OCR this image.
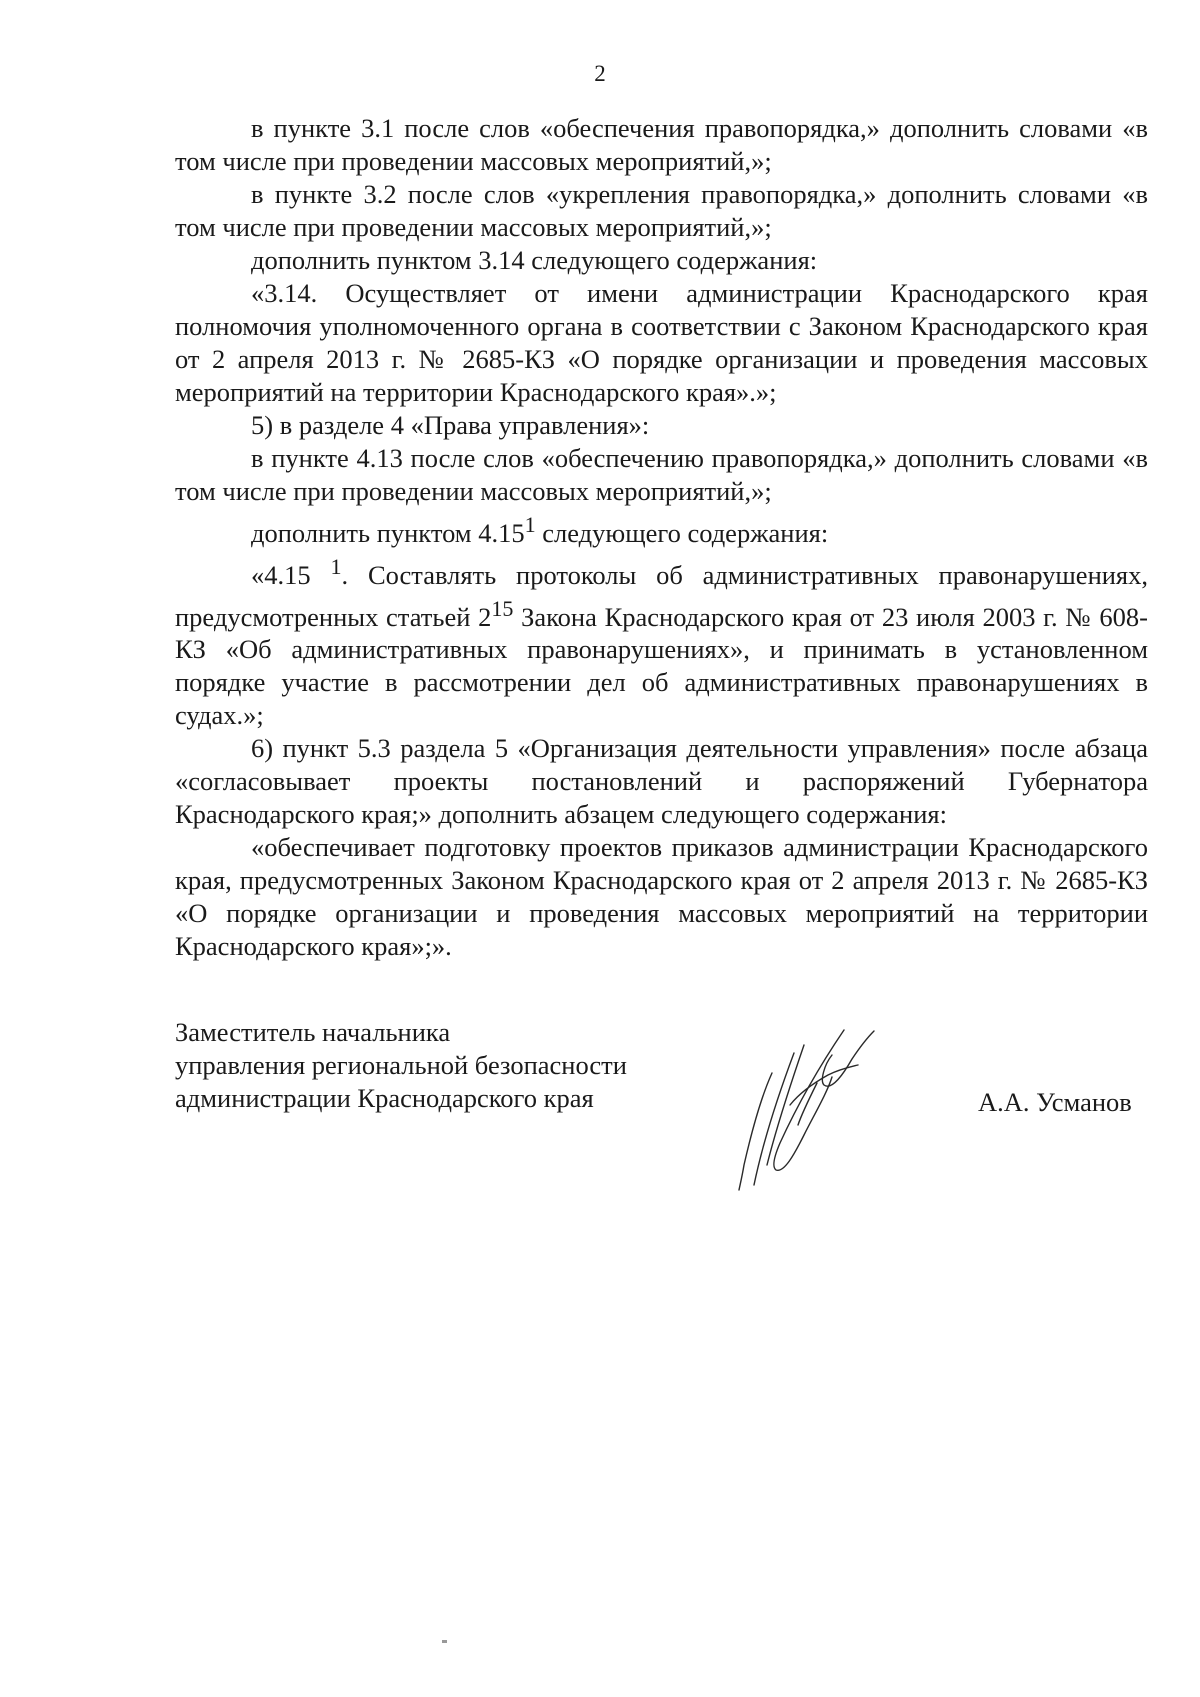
2

в пункте 3.1 после слов «обеспечения правопорядка,» дополнить словами «в том числе при проведении массовых мероприятий,»;

в пункте 3.2 после слов «укрепления правопорядка,» дополнить словами «в том числе при проведении массовых мероприятий,»;

дополнить пунктом 3.14 следующего содержания:

«3.14. Осуществляет от имени администрации Краснодарского края полномочия уполномоченного органа в соответствии с Законом Краснодарского края от 2 апреля 2013 г. № 2685-КЗ «О порядке организации и проведения массовых мероприятий на территории Краснодарского края».»;

5) в разделе 4 «Права управления»:

в пункте 4.13 после слов «обеспечению правопорядка,» дополнить словами «в том числе при проведении массовых мероприятий,»;

дополнить пунктом 4.15$^1$ следующего содержания:

«4.15 $^1$. Составлять протоколы об административных правонарушениях, предусмотренных статьей $2^{15}$ Закона Краснодарского края от 23 июля 2003 г. № 608-КЗ «Об административных правонарушениях», и принимать в установленном порядке участие в рассмотрении дел об административных правонарушениях в судах.»;

6) пункт 5.3 раздела 5 «Организация деятельности управления» после абзаца «согласовывает проекты постановлений и распоряжений Губернатора Краснодарского края;» дополнить абзацем следующего содержания:

«обеспечивает подготовку проектов приказов администрации Краснодарского края, предусмотренных Законом Краснодарского края от 2 апреля 2013 г. № 2685-КЗ «О порядке организации и проведения массовых мероприятий на территории Краснодарского края»;».

Заместитель начальника
управления региональной безопасности
администрации Краснодарского края	А.А. Усманов
